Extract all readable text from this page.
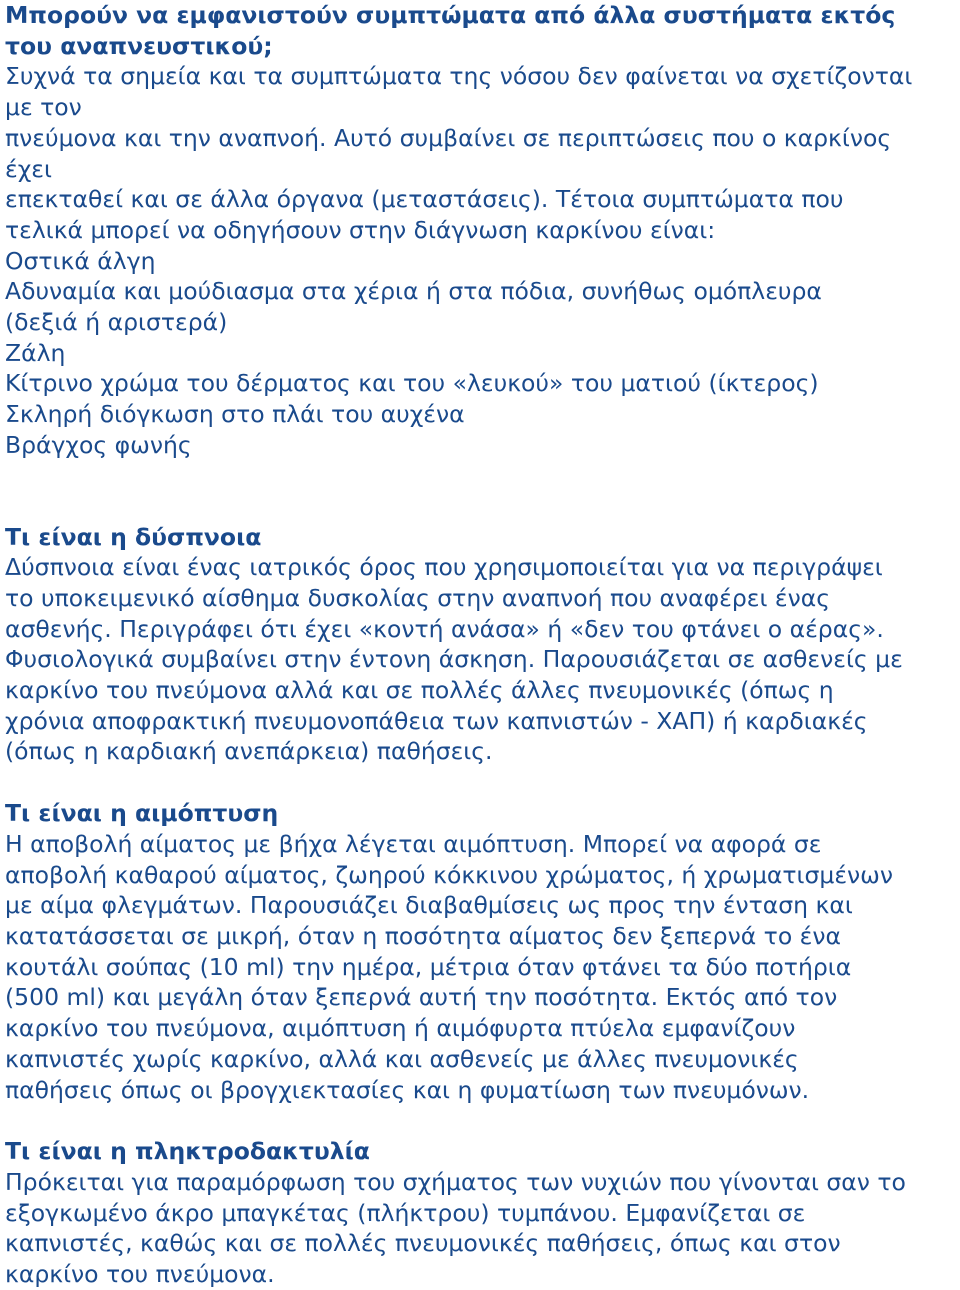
Μπορούν να εμφανιστούν συμπτώματα από άλλα συστήματα εκτός
του αναπνευστικού;
Συχνά τα σημεία και τα συμπτώματα της νόσου δεν φαίνεται να σχετίζονται
με τον
πνεύμονα και την αναπνοή. Αυτό συμβαίνει σε περιπτώσεις που ο καρκίνος
έχει
επεκταθεί και σε άλλα όργανα (μεταστάσεις). Τέτοια συμπτώματα που
τελικά μπορεί να οδηγήσουν στην διάγνωση καρκίνου είναι:
Οστικά άλγη
Αδυναμία και μούδιασμα στα χέρια ή στα πόδια, συνήθως ομόπλευρα
(δεξιά ή αριστερά)
Ζάλη
Κίτρινο χρώμα του δέρματος και του «λευκού» του ματιού (ίκτερος)
Σκληρή διόγκωση στο πλάι του αυχένα
Βράγχος φωνής
Τι είναι η δύσπνοια
Δύσπνοια είναι ένας ιατρικός όρος που χρησιμοποιείται για να περιγράψει
το υποκειμενικό αίσθημα δυσκολίας στην αναπνοή που αναφέρει ένας
ασθενής. Περιγράφει ότι έχει «κοντή ανάσα» ή «δεν του φτάνει ο αέρας».
Φυσιολογικά συμβαίνει στην έντονη άσκηση. Παρουσιάζεται σε ασθενείς με
καρκίνο του πνεύμονα αλλά και σε πολλές άλλες πνευμονικές (όπως η
χρόνια αποφρακτική πνευμονοπάθεια των καπνιστών - ΧΑΠ) ή καρδιακές
(όπως η καρδιακή ανεπάρκεια) παθήσεις.
Τι είναι η αιμόπτυση
Η αποβολή αίματος με βήχα λέγεται αιμόπτυση. Μπορεί να αφορά σε
αποβολή καθαρού αίματος, ζωηρού κόκκινου χρώματος, ή χρωματισμένων
με αίμα φλεγμάτων. Παρουσιάζει διαβαθμίσεις ως προς την ένταση και
κατατάσσεται σε μικρή, όταν η ποσότητα αίματος δεν ξεπερνά το ένα
κουτάλι σούπας (10 ml) την ημέρα, μέτρια όταν φτάνει τα δύο ποτήρια
(500 ml) και μεγάλη όταν ξεπερνά αυτή την ποσότητα. Εκτός από τον
καρκίνο του πνεύμονα, αιμόπτυση ή αιμόφυρτα πτύελα εμφανίζουν
καπνιστές χωρίς καρκίνο, αλλά και ασθενείς με άλλες πνευμονικές
παθήσεις όπως οι βρογχιεκτασίες και η φυματίωση των πνευμόνων.
Τι είναι η πληκτροδακτυλία
Πρόκειται για παραμόρφωση του σχήματος των νυχιών που γίνονται σαν το
εξογκωμένο άκρο μπαγκέτας (πλήκτρου) τυμπάνου. Εμφανίζεται σε
καπνιστές, καθώς και σε πολλές πνευμονικές παθήσεις, όπως και στον
καρκίνο του πνεύμονα.
